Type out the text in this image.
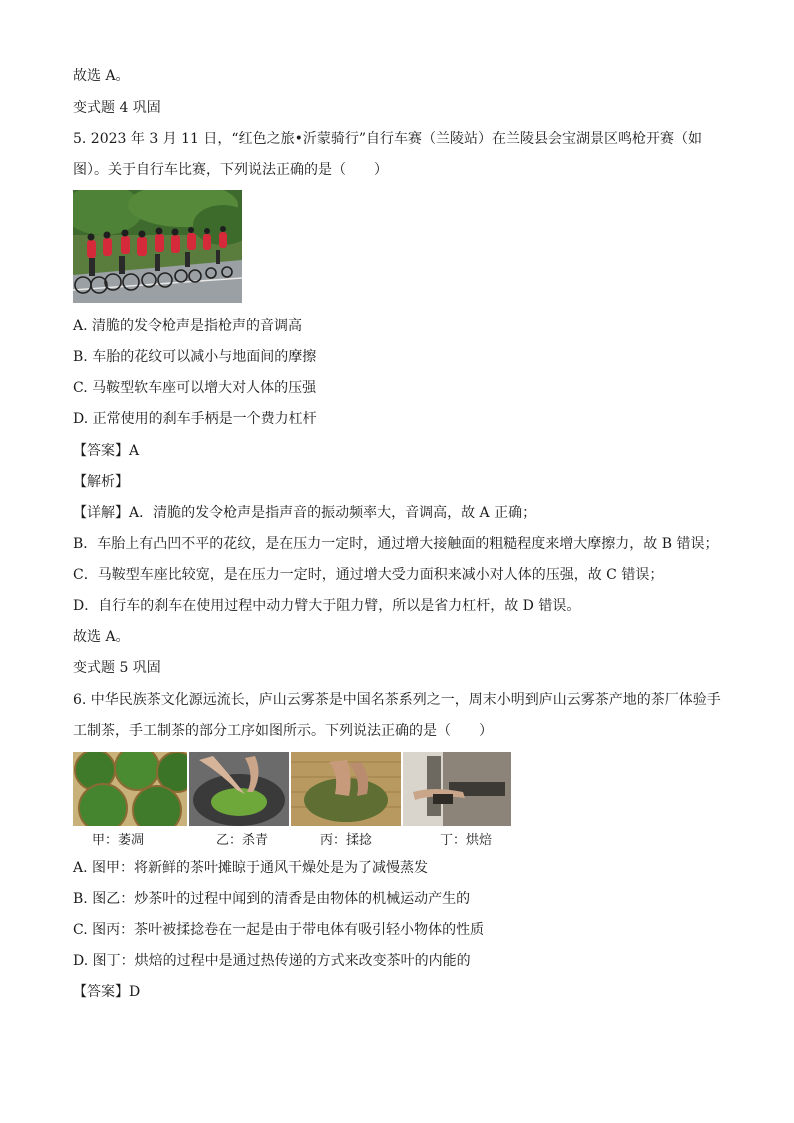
故选 A。
变式题 4 巩固
5. 2023 年 3 月 11 日，“红色之旅•沂蒙骑行”自行车赛（兰陵站）在兰陵县会宝湖景区鸣枪开赛（如
图）。关于自行车比赛，下列说法正确的是（　　）
A. 清脆的发令枪声是指枪声的音调高
B. 车胎的花纹可以减小与地面间的摩擦
C. 马鞍型软车座可以增大对人体的压强
D. 正常使用的刹车手柄是一个费力杠杆
【答案】A
【解析】
【详解】A．清脆的发令枪声是指声音的振动频率大，音调高，故 A 正确；
B．车胎上有凸凹不平的花纹，是在压力一定时，通过增大接触面的粗糙程度来增大摩擦力，故 B 错误；
C．马鞍型车座比较宽，是在压力一定时，通过增大受力面积来减小对人体的压强，故 C 错误；
D．自行车的刹车在使用过程中动力臂大于阻力臂，所以是省力杠杆，故 D 错误。
故选 A。
变式题 5 巩固
6. 中华民族茶文化源远流长，庐山云雾茶是中国名茶系列之一，周末小明到庐山云雾茶产地的茶厂体验手
工制茶，手工制茶的部分工序如图所示。下列说法正确的是（　　）
甲：萎凋	乙：杀青	丙：揉捻	丁：烘焙
A. 图甲：将新鲜的茶叶摊晾于通风干燥处是为了减慢蒸发
B. 图乙：炒茶叶的过程中闻到的清香是由物体的机械运动产生的
C. 图丙：茶叶被揉捻卷在一起是由于带电体有吸引轻小物体的性质
D. 图丁：烘焙的过程中是通过热传递的方式来改变茶叶的内能的
【答案】D
